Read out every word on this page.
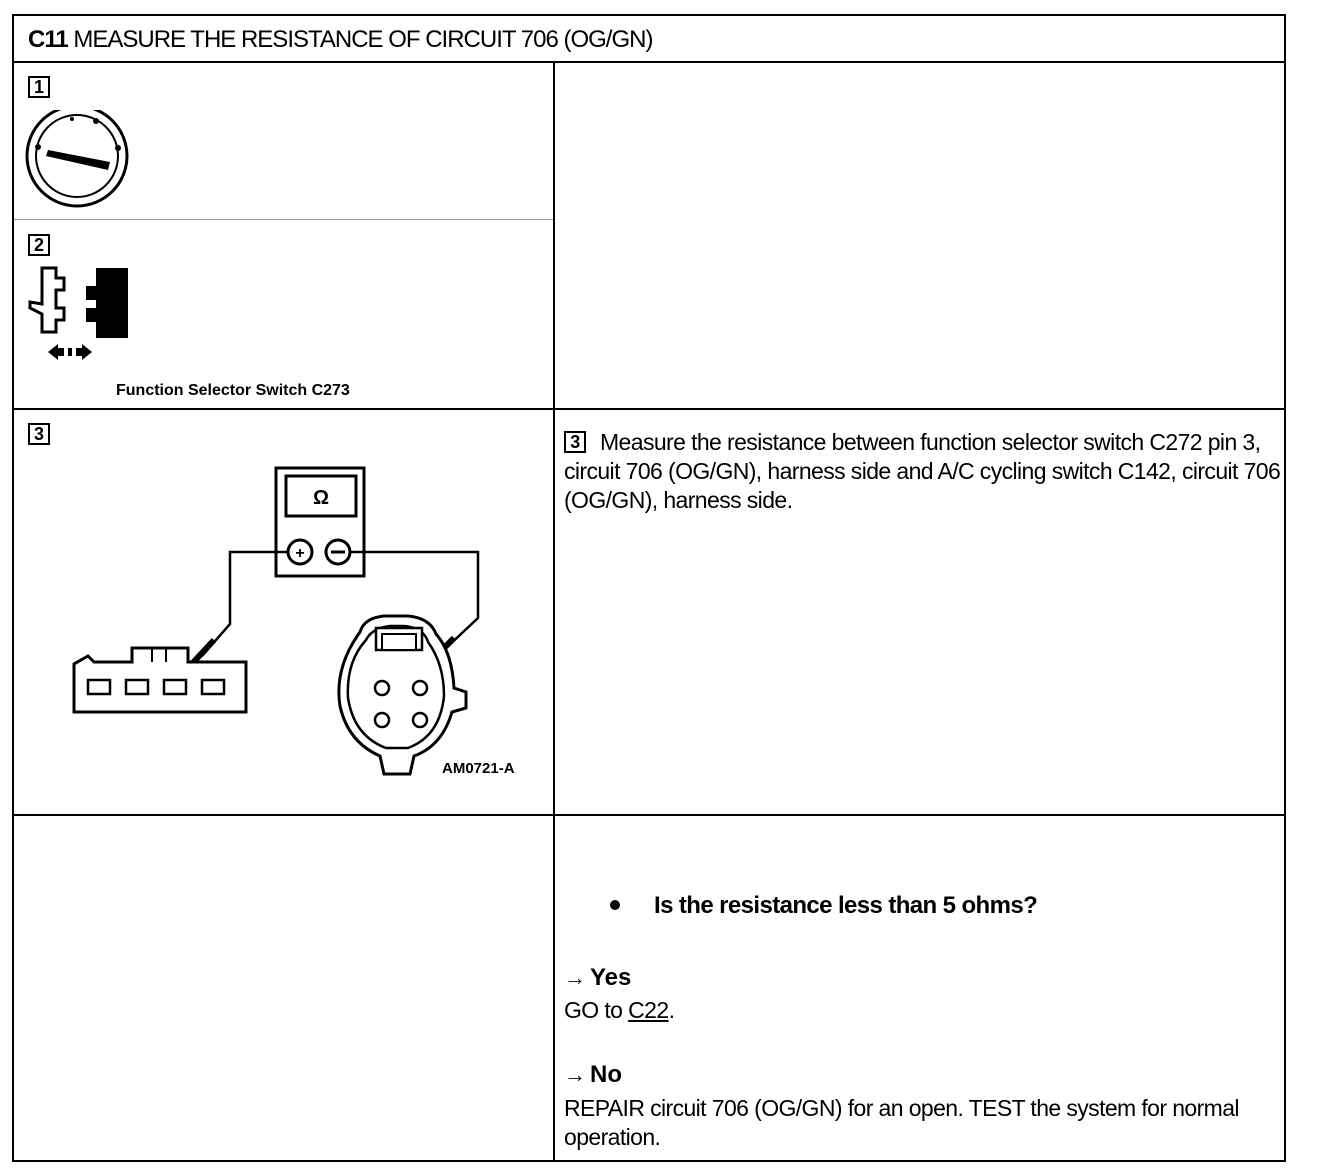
C11 MEASURE THE RESISTANCE OF CIRCUIT 706 (OG/GN)
1
2
Function Selector Switch C273
3
Ω
+
AM0721-A
3 Measure the resistance between function selector switch C272 pin 3, circuit 706 (OG/GN), harness side and A/C cycling switch C142, circuit 706 (OG/GN), harness side.
Is the resistance less than 5 ohms?
→ Yes
GO to C22.
→ No
REPAIR circuit 706 (OG/GN) for an open. TEST the system for normal operation.
